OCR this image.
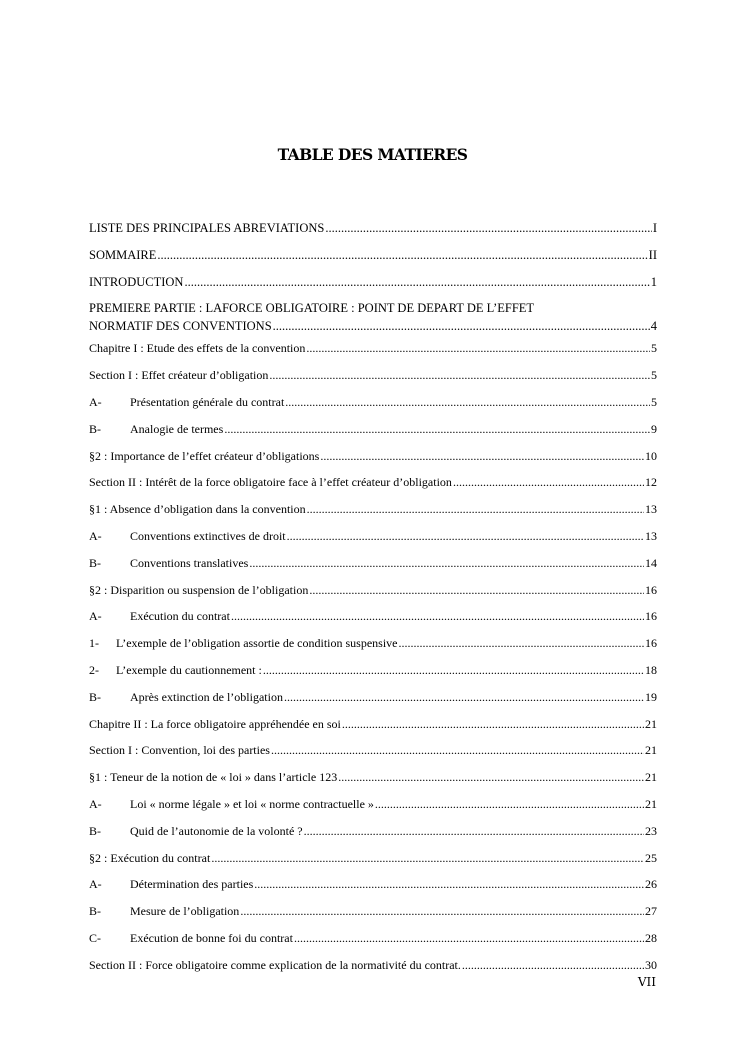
TABLE DES MATIERES
LISTE DES PRINCIPALES ABREVIATIONS .....	I
SOMMAIRE .....	II
INTRODUCTION .....	1
PREMIERE PARTIE : LAFORCE OBLIGATOIRE : POINT DE DEPART DE L’EFFET
NORMATIF DES CONVENTIONS .....	4
Chapitre I : Etude des effets de la convention .....	5
Section I : Effet créateur d’obligation .....	5
A-	Présentation générale du contrat .....	5
B-	Analogie de termes .....	9
§2 : Importance de l’effet créateur d’obligations .....	10
Section II : Intérêt de la force obligatoire face à l’effet créateur d’obligation .....	12
§1 : Absence d’obligation dans la convention .....	13
A-	Conventions extinctives de droit .....	13
B-	Conventions translatives .....	14
§2 : Disparition ou suspension de l’obligation .....	16
A-	Exécution du contrat .....	16
1-	L’exemple de l’obligation assortie de condition suspensive .....	16
2-	L’exemple du cautionnement : .....	18
B-	Après extinction de l’obligation .....	19
Chapitre II : La force obligatoire appréhendée en soi .....	21
Section I : Convention, loi des parties .....	21
§1 : Teneur de la notion de « loi » dans l’article 123 .....	21
A-	Loi « norme légale » et loi « norme contractuelle » .....	21
B-	Quid de l’autonomie de la volonté ? .....	23
§2 : Exécution du contrat .....	25
A-	Détermination des parties .....	26
B-	Mesure de l’obligation .....	27
C-	Exécution de bonne foi du contrat .....	28
Section II : Force obligatoire comme explication de la normativité du contrat. .....	30
VII
